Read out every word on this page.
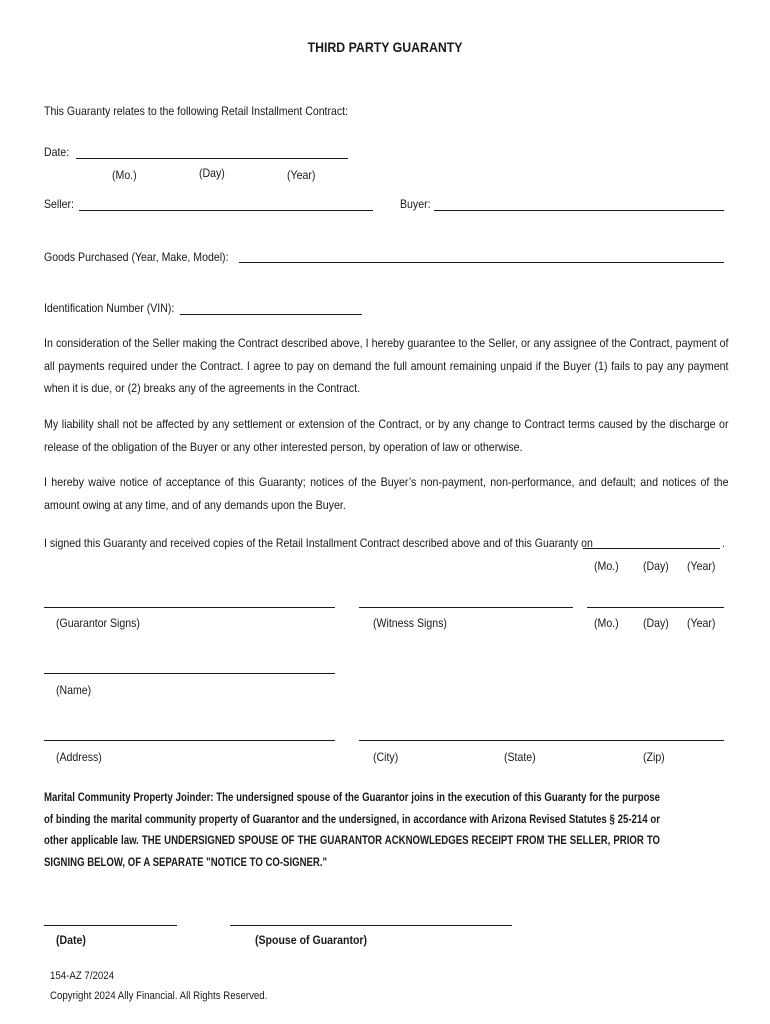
THIRD PARTY GUARANTY
This Guaranty relates to the following Retail Installment Contract:
Date:
(Mo.)	(Day)	(Year)
Seller:	Buyer:
Goods Purchased (Year, Make, Model):
Identification Number (VIN):
In consideration of the Seller making the Contract described above, I hereby guarantee to the Seller, or any assignee of the Contract, payment of all payments required under the Contract. I agree to pay on demand the full amount remaining unpaid if the Buyer (1) fails to pay any payment when it is due, or (2) breaks any of the agreements in the Contract.
My liability shall not be affected by any settlement or extension of the Contract, or by any change to Contract terms caused by the discharge or release of the obligation of the Buyer or any other interested person, by operation of law or otherwise.
I hereby waive notice of acceptance of this Guaranty; notices of the Buyer’s non-payment, non-performance, and default; and notices of the amount owing at any time, and of any demands upon the Buyer.
I signed this Guaranty and received copies of the Retail Installment Contract described above and of this Guaranty on	.
(Mo.) (Day) (Year)
(Guarantor Signs)	(Witness Signs)	(Mo.) (Day) (Year)
(Name)
(Address)	(City)	(State)	(Zip)
Marital Community Property Joinder: The undersigned spouse of the Guarantor joins in the execution of this Guaranty for the purpose of binding the marital community property of Guarantor and the undersigned, in accordance with Arizona Revised Statutes § 25-214 or other applicable law. THE UNDERSIGNED SPOUSE OF THE GUARANTOR ACKNOWLEDGES RECEIPT FROM THE SELLER, PRIOR TO SIGNING BELOW, OF A SEPARATE "NOTICE TO CO-SIGNER."
(Date)	(Spouse of Guarantor)
154-AZ 7/2024
Copyright 2024 Ally Financial. All Rights Reserved.
